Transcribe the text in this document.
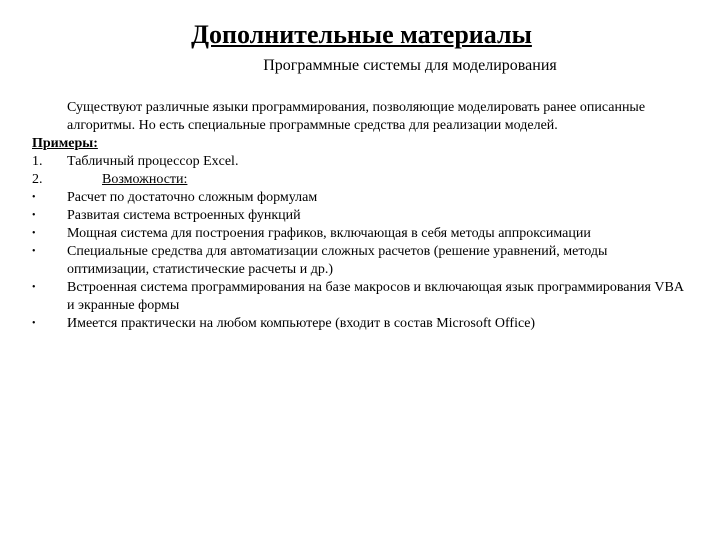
Дополнительные материалы
Программные системы для моделирования
Существуют различные языки программирования, позволяющие моделировать ранее описанные алгоритмы. Но есть специальные программные средства для реализации моделей.
Примеры:
1. Табличный процессор Excel.
2.	Возможности:
• Расчет по достаточно сложным формулам
• Развитая система встроенных функций
• Мощная система для построения графиков, включающая в себя методы аппроксимации
• Специальные средства для автоматизации сложных расчетов (решение уравнений, методы оптимизации, статистические расчеты и др.)
• Встроенная система программирования на базе макросов и включающая язык программирования VBA и экранные формы
• Имеется практически на любом компьютере (входит в состав Microsoft Office)
